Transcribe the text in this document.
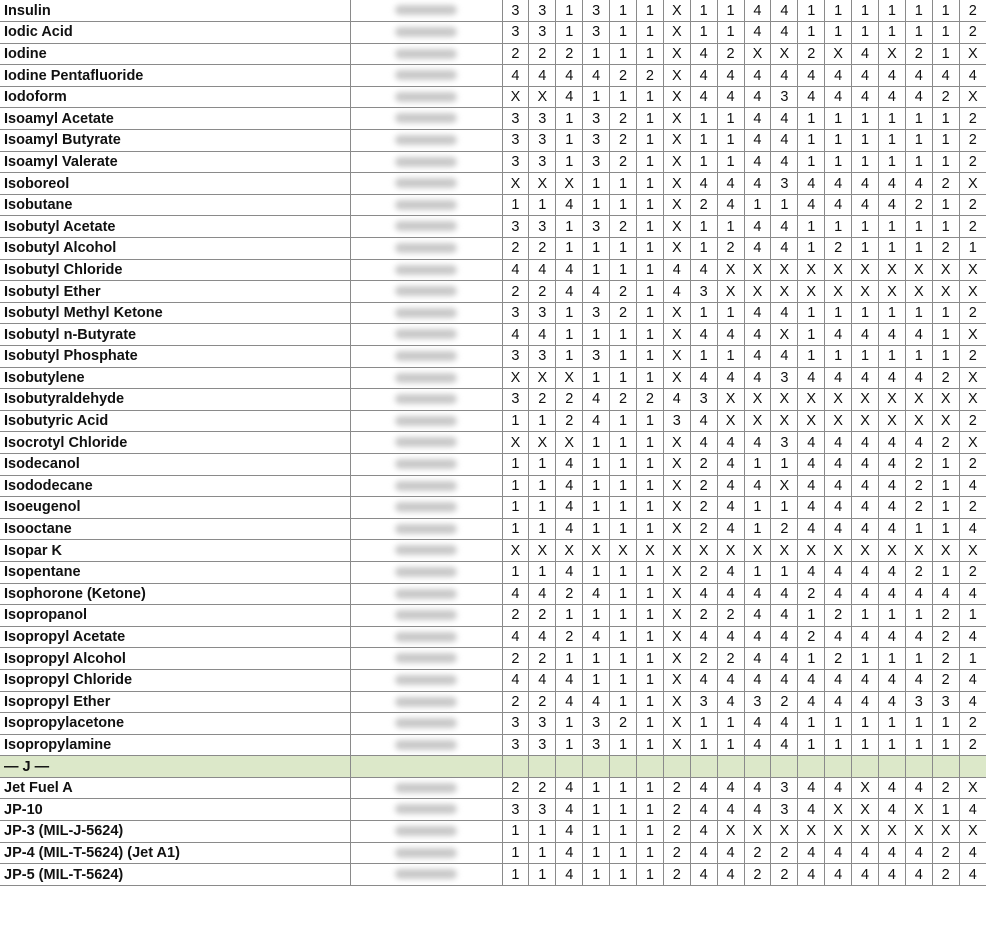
Insulin		3	3	1	3	1	1	X	1	1	4	4	1	1	1	1	1	1	2
Iodic Acid		3	3	1	3	1	1	X	1	1	4	4	1	1	1	1	1	1	2
Iodine		2	2	2	1	1	1	X	4	2	X	X	2	X	4	X	2	1	X
Iodine Pentafluoride		4	4	4	4	2	2	X	4	4	4	4	4	4	4	4	4	4	4
Iodoform		X	X	4	1	1	1	X	4	4	4	3	4	4	4	4	4	2	X
Isoamyl Acetate		3	3	1	3	2	1	X	1	1	4	4	1	1	1	1	1	1	2
Isoamyl Butyrate		3	3	1	3	2	1	X	1	1	4	4	1	1	1	1	1	1	2
Isoamyl Valerate		3	3	1	3	2	1	X	1	1	4	4	1	1	1	1	1	1	2
Isoboreol		X	X	X	1	1	1	X	4	4	4	3	4	4	4	4	4	2	X
Isobutane		1	1	4	1	1	1	X	2	4	1	1	4	4	4	4	2	1	2
Isobutyl Acetate		3	3	1	3	2	1	X	1	1	4	4	1	1	1	1	1	1	2
Isobutyl Alcohol		2	2	1	1	1	1	X	1	2	4	4	1	2	1	1	1	2	1
Isobutyl Chloride		4	4	4	1	1	1	4	4	X	X	X	X	X	X	X	X	X	X
Isobutyl Ether		2	2	4	4	2	1	4	3	X	X	X	X	X	X	X	X	X	X
Isobutyl Methyl Ketone		3	3	1	3	2	1	X	1	1	4	4	1	1	1	1	1	1	2
Isobutyl n-Butyrate		4	4	1	1	1	1	X	4	4	4	X	1	4	4	4	4	1	X
Isobutyl Phosphate		3	3	1	3	1	1	X	1	1	4	4	1	1	1	1	1	1	2
Isobutylene		X	X	X	1	1	1	X	4	4	4	3	4	4	4	4	4	2	X
Isobutyraldehyde		3	2	2	4	2	2	4	3	X	X	X	X	X	X	X	X	X	X
Isobutyric Acid		1	1	2	4	1	1	3	4	X	X	X	X	X	X	X	X	X	2
Isocrotyl Chloride		X	X	X	1	1	1	X	4	4	4	3	4	4	4	4	4	2	X
Isodecanol		1	1	4	1	1	1	X	2	4	1	1	4	4	4	4	2	1	2
Isododecane		1	1	4	1	1	1	X	2	4	4	X	4	4	4	4	2	1	4
Isoeugenol		1	1	4	1	1	1	X	2	4	1	1	4	4	4	4	2	1	2
Isooctane		1	1	4	1	1	1	X	2	4	1	2	4	4	4	4	1	1	4
Isopar K		X	X	X	X	X	X	X	X	X	X	X	X	X	X	X	X	X	X
Isopentane		1	1	4	1	1	1	X	2	4	1	1	4	4	4	4	2	1	2
Isophorone (Ketone)		4	4	2	4	1	1	X	4	4	4	4	2	4	4	4	4	4	4
Isopropanol		2	2	1	1	1	1	X	2	2	4	4	1	2	1	1	1	2	1
Isopropyl Acetate		4	4	2	4	1	1	X	4	4	4	4	2	4	4	4	4	2	4
Isopropyl Alcohol		2	2	1	1	1	1	X	2	2	4	4	1	2	1	1	1	2	1
Isopropyl Chloride		4	4	4	1	1	1	X	4	4	4	4	4	4	4	4	4	2	4
Isopropyl Ether		2	2	4	4	1	1	X	3	4	3	2	4	4	4	4	3	3	4
Isopropylacetone		3	3	1	3	2	1	X	1	1	4	4	1	1	1	1	1	1	2
Isopropylamine		3	3	1	3	1	1	X	1	1	4	4	1	1	1	1	1	1	2
— J —																			
Jet Fuel A		2	2	4	1	1	1	2	4	4	4	3	4	4	X	4	4	2	X
JP-10		3	3	4	1	1	1	2	4	4	4	3	4	X	X	4	X	1	4
JP-3 (MIL-J-5624)		1	1	4	1	1	1	2	4	X	X	X	X	X	X	X	X	X	X
JP-4 (MIL-T-5624) (Jet A1)		1	1	4	1	1	1	2	4	4	2	2	4	4	4	4	4	2	4
JP-5 (MIL-T-5624)		1	1	4	1	1	1	2	4	4	2	2	4	4	4	4	4	2	4
